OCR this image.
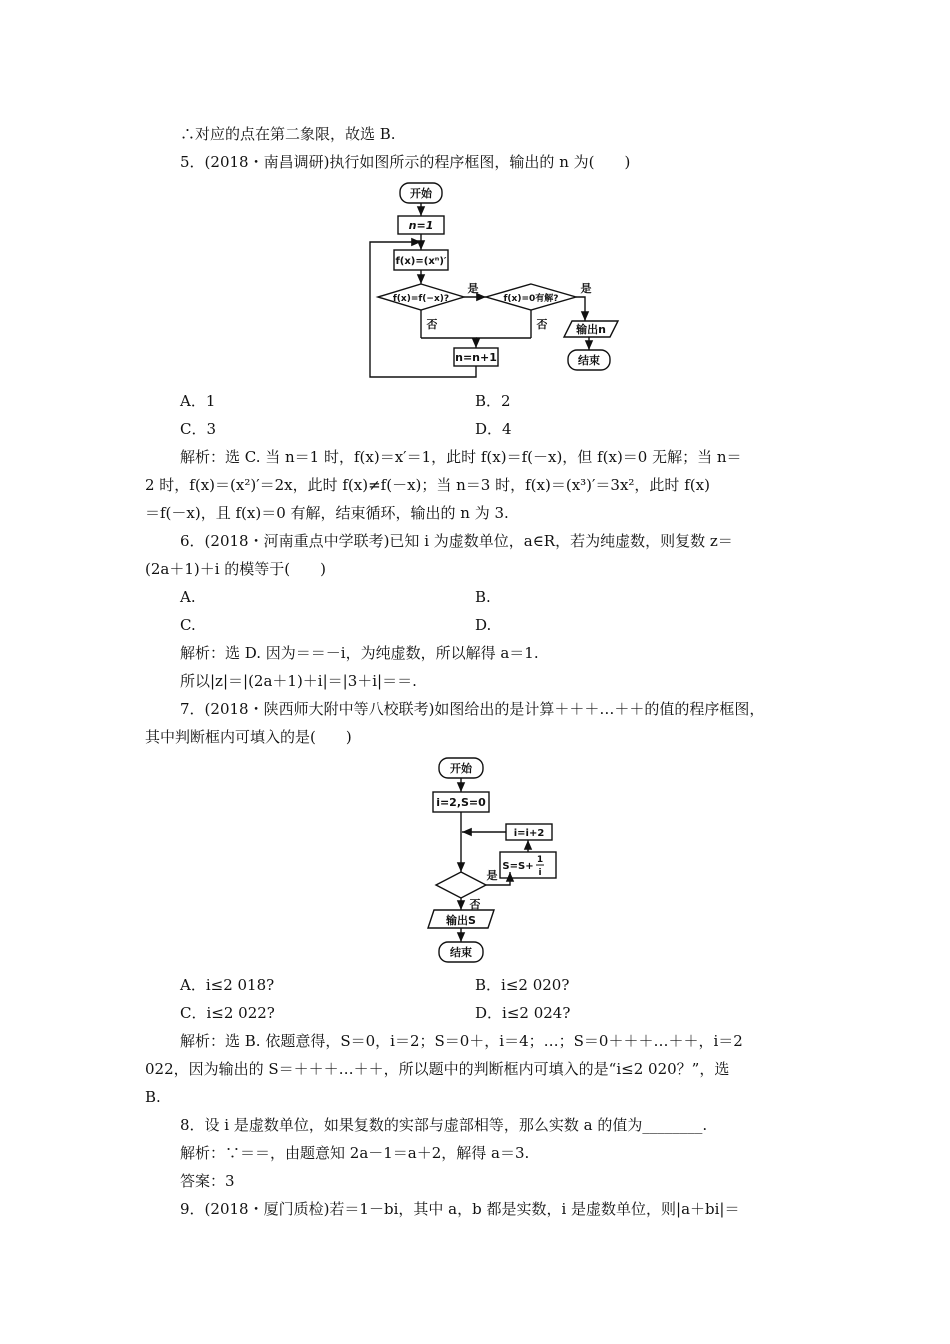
∴对应的点在第二象限，故选 B.
5．(2018・南昌调研)执行如图所示的程序框图，输出的 n 为(　　)
开始
n=1
f(x)=(xⁿ)′
f(x)=f(−x)?	f(x)=0有解?
是	是
否	否	输出n
结束
n=n+1
A．1	B．2
C．3	D．4
解析：选 C. 当 n＝1 时，f(x)＝x′＝1，此时 f(x)＝f(－x)，但 f(x)＝0 无解；当 n＝
2 时，f(x)＝(x²)′＝2x，此时 f(x)≠f(－x)；当 n＝3 时，f(x)＝(x³)′＝3x²，此时 f(x)
＝f(－x)，且 f(x)＝0 有解，结束循环，输出的 n 为 3.
6．(2018・河南重点中学联考)已知 i 为虚数单位，a∈R，若为纯虚数，则复数 z＝
(2a＋1)＋i 的模等于(　　)
A.	B.
C.	D.
解析：选 D. 因为＝＝－i，为纯虚数，所以解得 a＝1.
所以|z|＝|(2a＋1)＋i|＝|3＋i|＝＝.
7．(2018・陕西师大附中等八校联考)如图给出的是计算＋＋＋…＋＋的值的程序框图，
其中判断框内可填入的是(　　)
开始
i=2,S=0
i=i+2
S=S+
1
i
是
否
输出S
结束
A．i≤2 018?	B．i≤2 020?
C．i≤2 022?	D．i≤2 024?
解析：选 B. 依题意得，S＝0，i＝2；S＝0＋，i＝4；…；S＝0＋＋＋…＋＋，i＝2
022，因为输出的 S＝＋＋＋…＋＋，所以题中的判断框内可填入的是“i≤2 020？”，选
B.
8．设 i 是虚数单位，如果复数的实部与虚部相等，那么实数 a 的值为________.
解析：∵＝＝，由题意知 2a－1＝a＋2，解得 a＝3.
答案：3
9．(2018・厦门质检)若＝1－bi，其中 a，b 都是实数，i 是虚数单位，则|a＋bi|＝
